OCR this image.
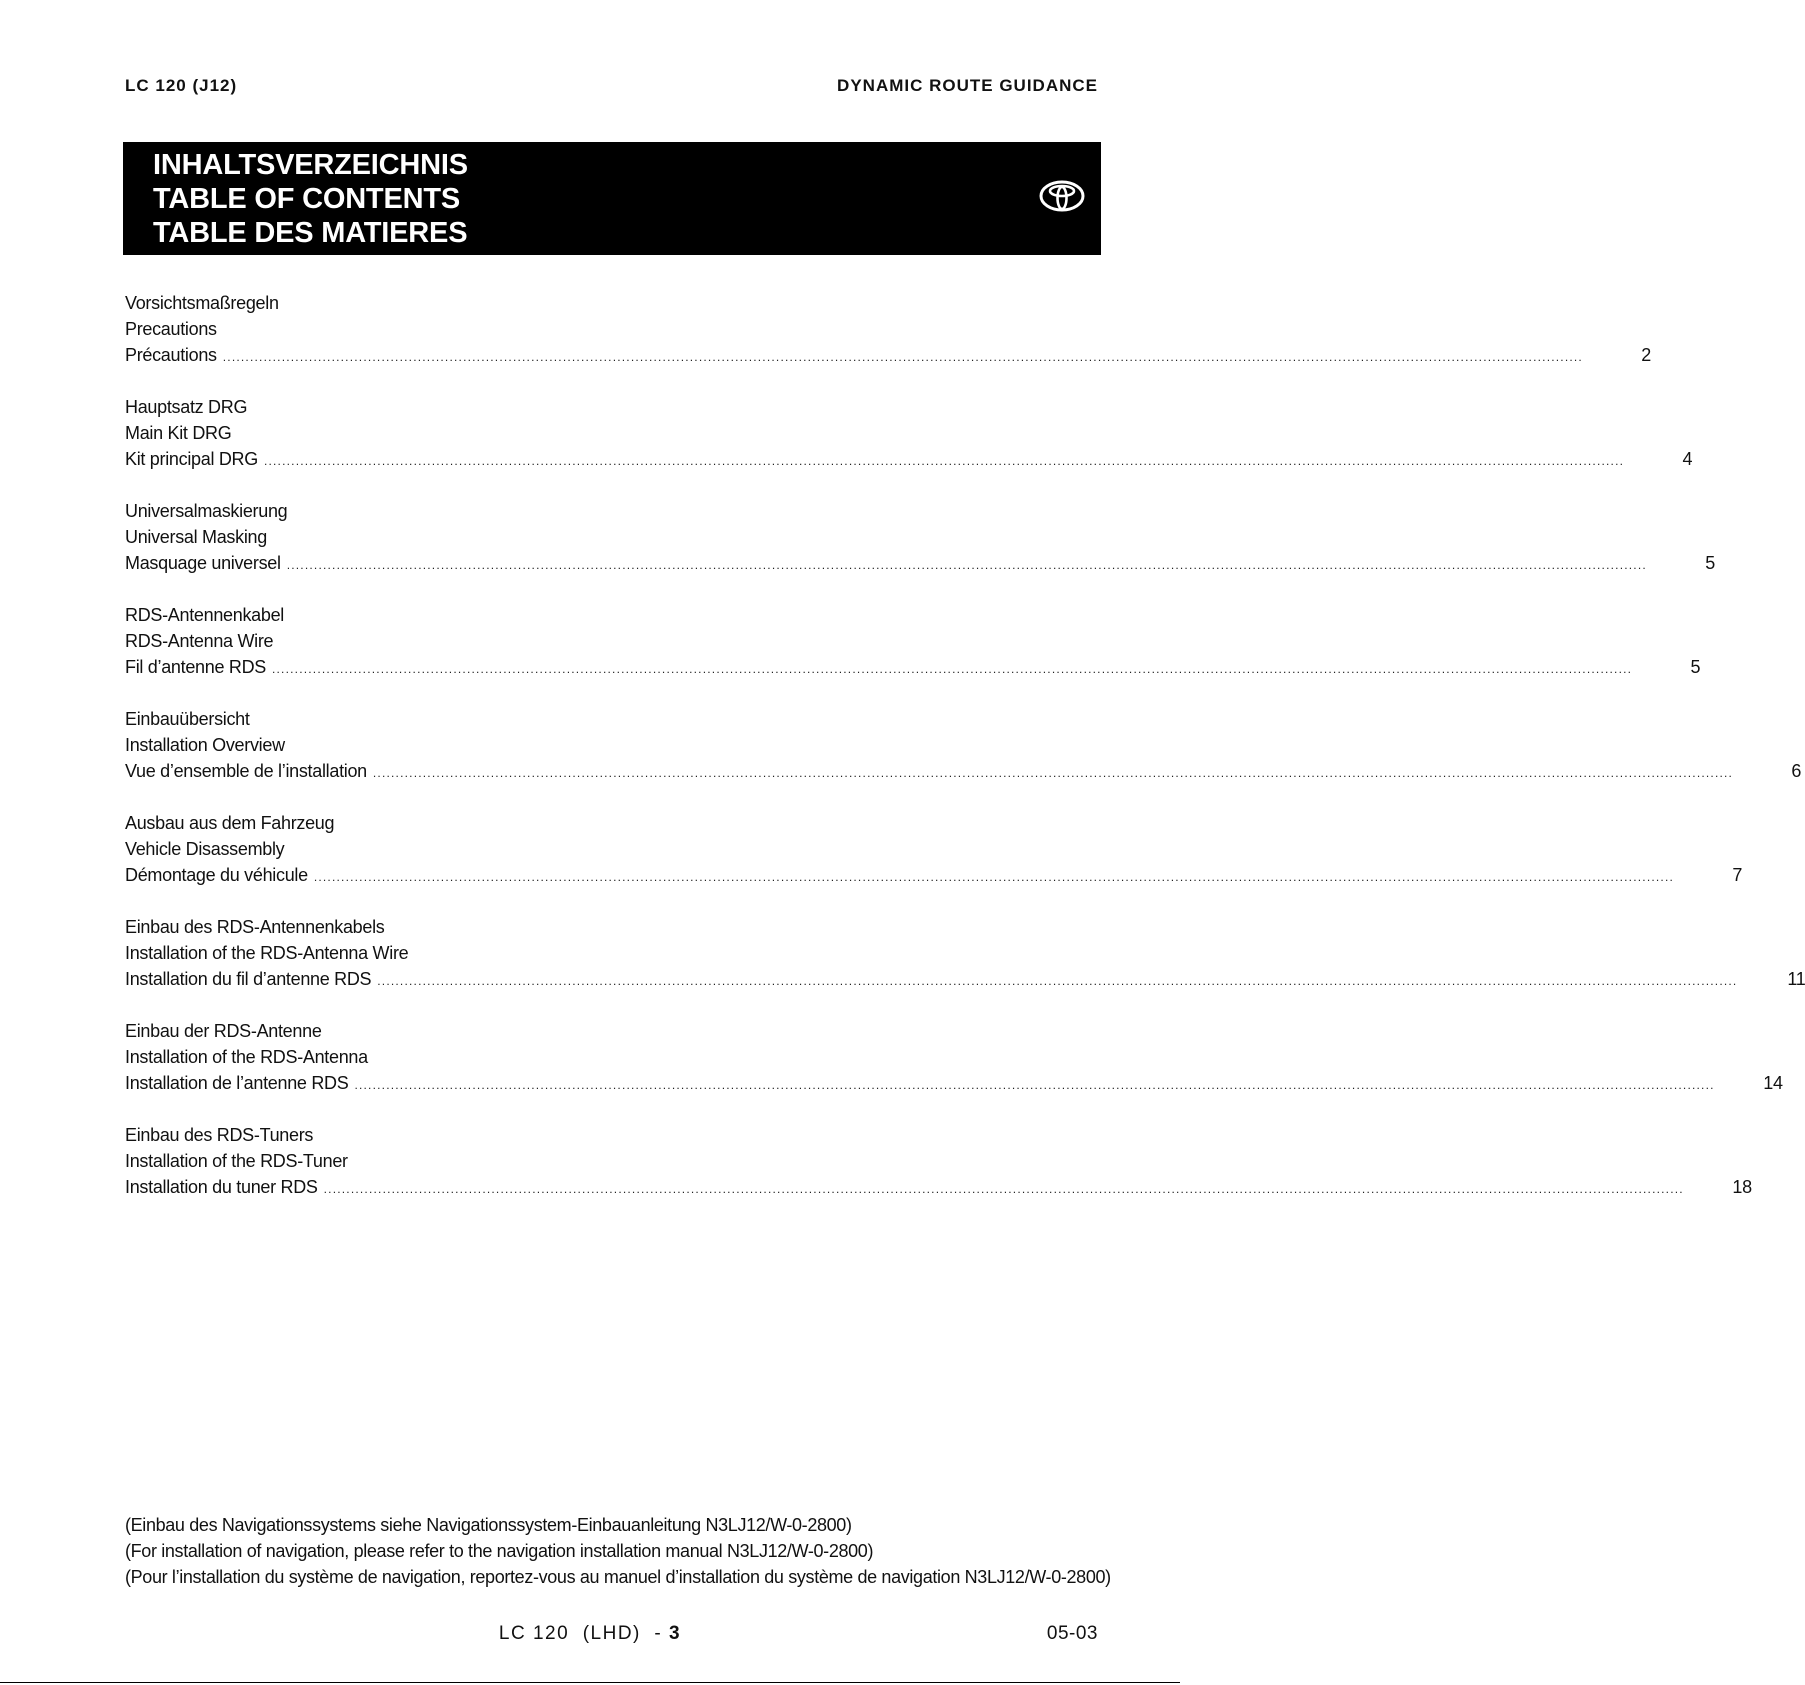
LC 120 (J12)	DYNAMIC ROUTE GUIDANCE
INHALTSVERZEICHNIS
TABLE OF CONTENTS
TABLE DES MATIERES
Vorsichtsmaßregeln
Precautions
Précautions ............................................................................................................................................................................................................................................................................................................	2
Hauptsatz DRG
Main Kit DRG
Kit principal DRG ............................................................................................................................................................................................................................................................................................................	4
Universalmaskierung
Universal Masking
Masquage universel ............................................................................................................................................................................................................................................................................................................	5
RDS-Antennenkabel
RDS-Antenna Wire
Fil d’antenne RDS ............................................................................................................................................................................................................................................................................................................	5
Einbauübersicht
Installation Overview
Vue d’ensemble de l’installation ............................................................................................................................................................................................................................................................................................................	6
Ausbau aus dem Fahrzeug
Vehicle Disassembly
Démontage du véhicule ............................................................................................................................................................................................................................................................................................................	7
Einbau des RDS-Antennenkabels
Installation of the RDS-Antenna Wire
Installation du fil d’antenne RDS ............................................................................................................................................................................................................................................................................................................	11
Einbau der RDS-Antenne
Installation of the RDS-Antenna
Installation de l’antenne RDS ............................................................................................................................................................................................................................................................................................................	14
Einbau des RDS-Tuners
Installation of the RDS-Tuner
Installation du tuner RDS ............................................................................................................................................................................................................................................................................................................	18
(Einbau des Navigationssystems siehe Navigationssystem-Einbauanleitung N3LJ12/W-0-2800)
(For installation of navigation, please refer to the navigation installation manual N3LJ12/W-0-2800)
(Pour l’installation du système de navigation, reportez-vous au manuel d’installation du système de navigation N3LJ12/W-0-2800)
LC 120  (LHD)  - 3	05-03
